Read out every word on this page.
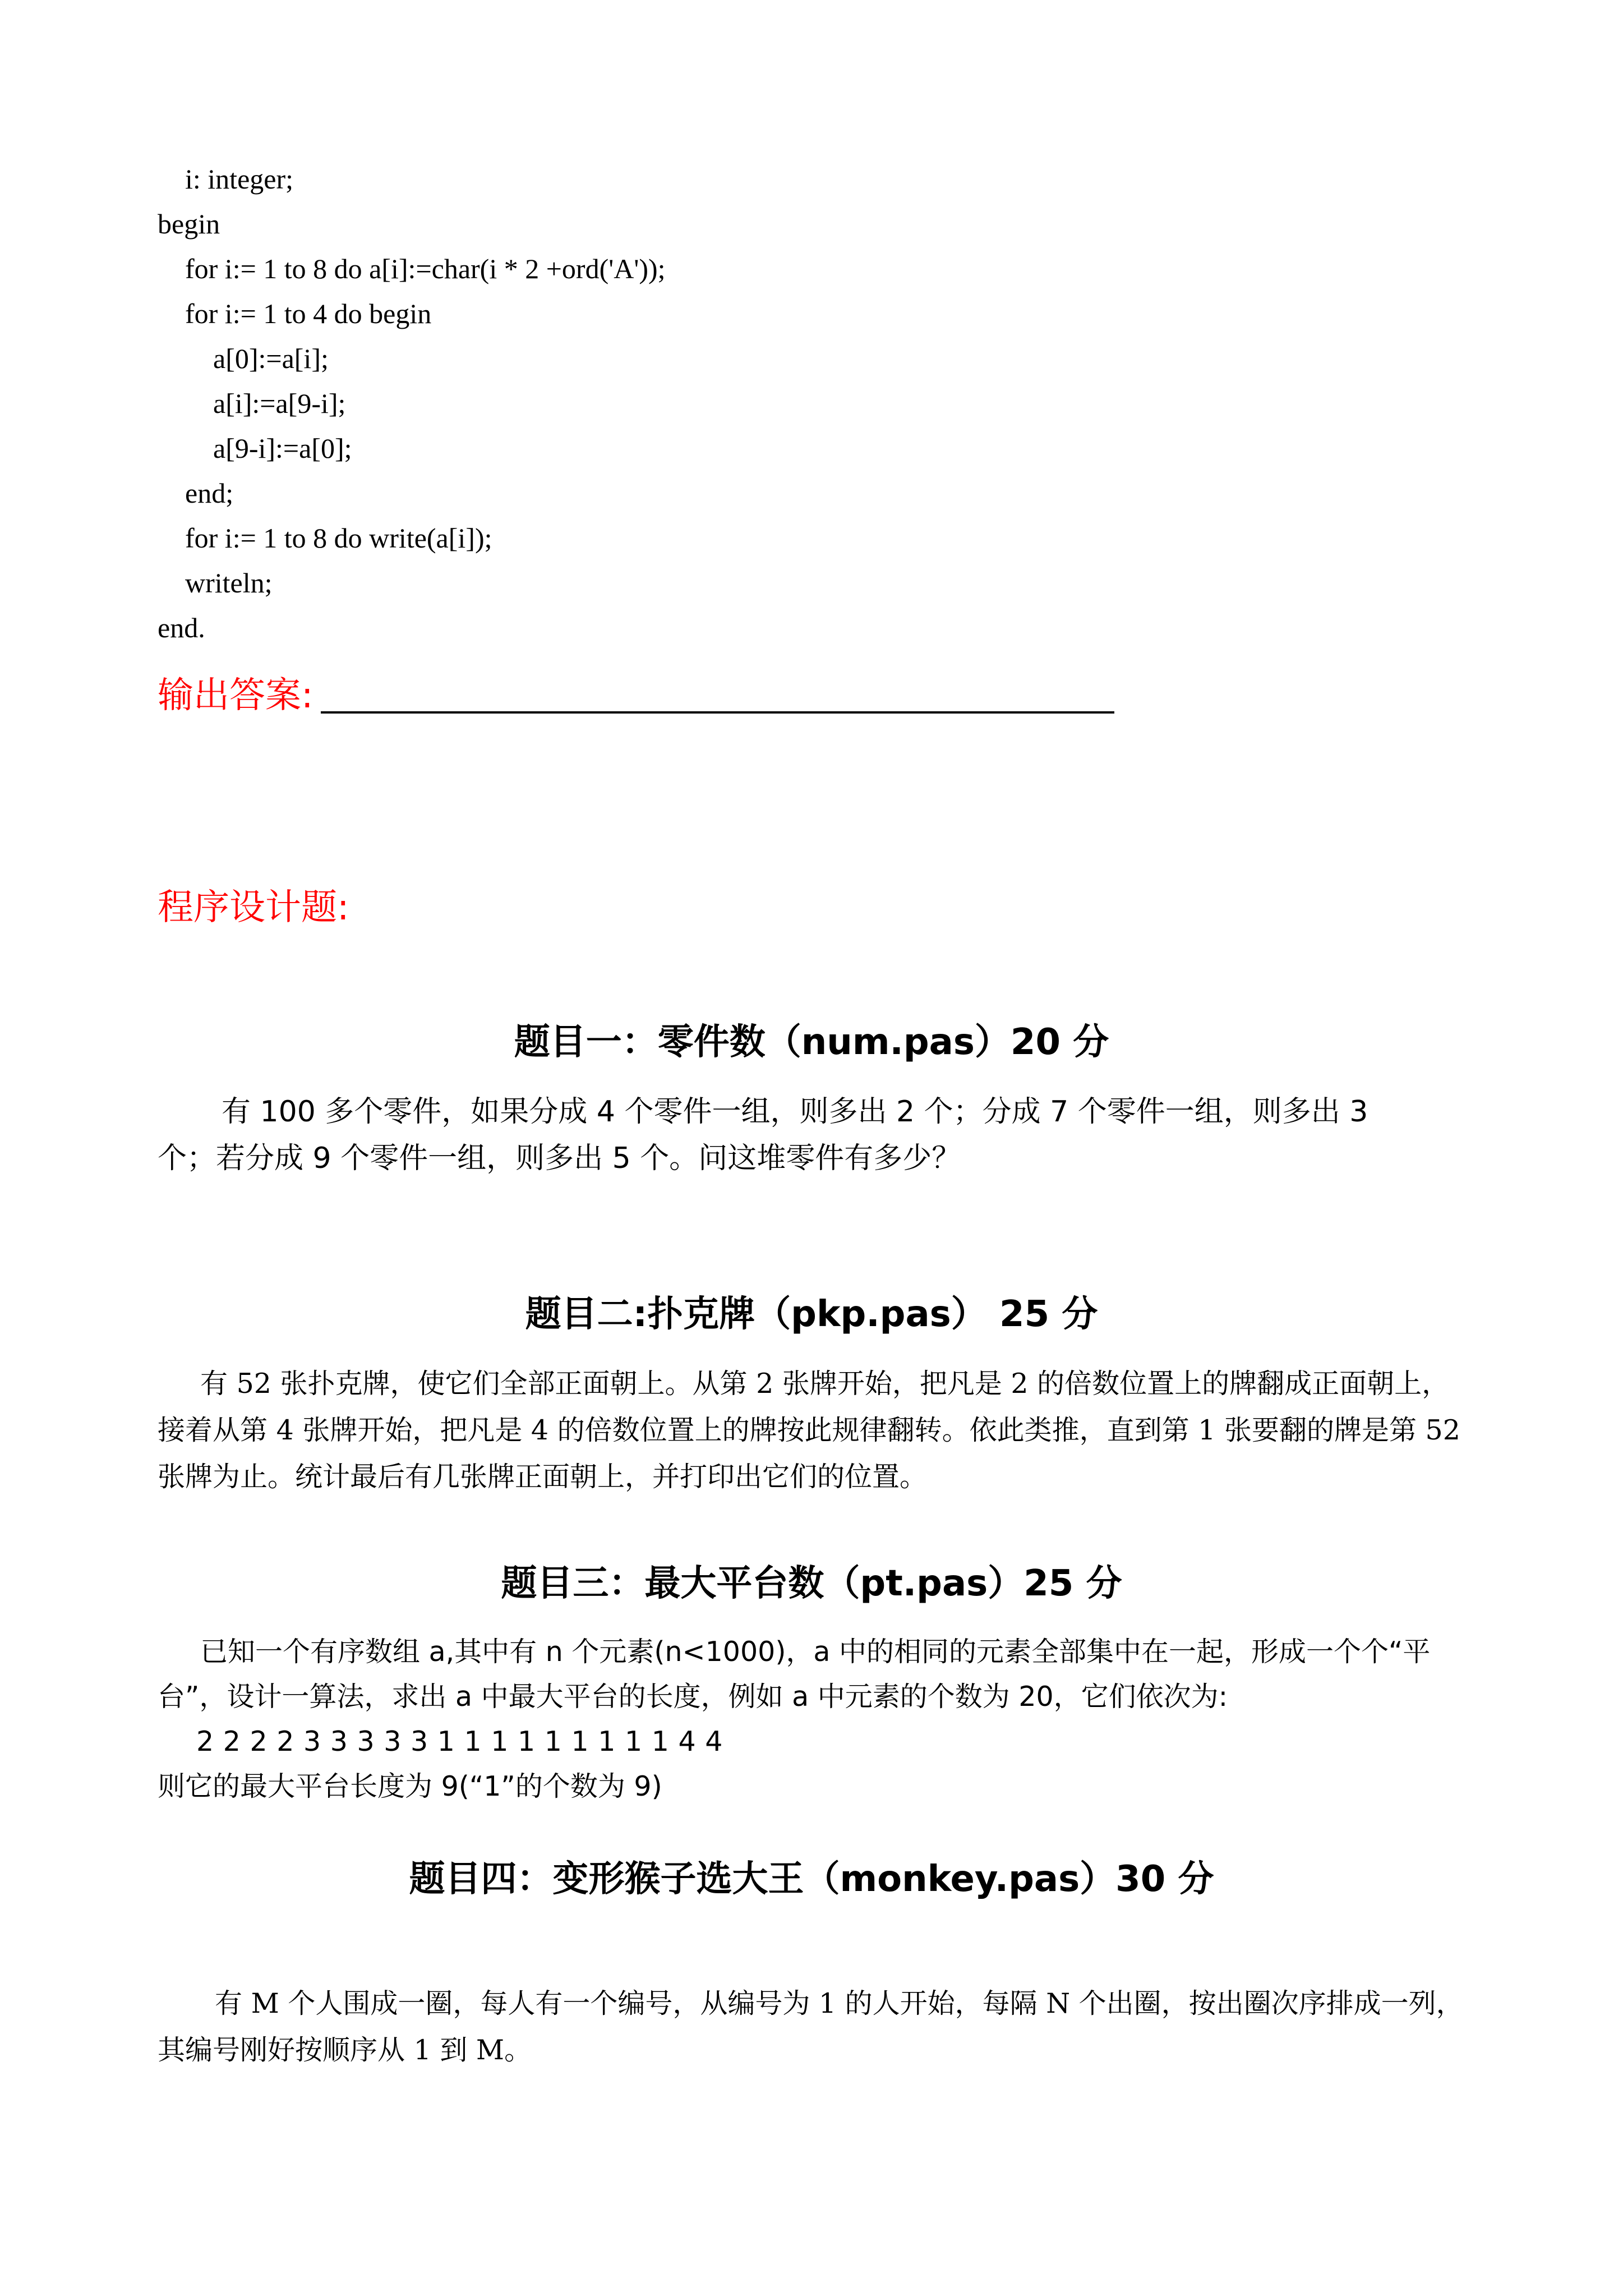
i: integer;
begin
for i:= 1 to 8 do a[i]:=char(i * 2 +ord('A'));
for i:= 1 to 4 do begin
a[0]:=a[i];
a[i]:=a[9-i];
a[9-i]:=a[0];
end;
for i:= 1 to 8 do write(a[i]);
writeln;
end.
输出答案:
程序设计题:
题目一：零件数（num.pas）20 分
有 100 多个零件，如果分成 4 个零件一组，则多出 2 个；分成 7 个零件一组，则多出 3
个；若分成 9 个零件一组，则多出 5 个。问这堆零件有多少？
题目二:扑克牌（pkp.pas） 25 分
有 52 张扑克牌，使它们全部正面朝上。从第 2 张牌开始，把凡是 2 的倍数位置上的牌翻成正面朝上，
接着从第 4 张牌开始，把凡是 4 的倍数位置上的牌按此规律翻转。依此类推，直到第 1 张要翻的牌是第 52
张牌为止。统计最后有几张牌正面朝上，并打印出它们的位置。
题目三：最大平台数（pt.pas）25 分
已知一个有序数组 a,其中有 n 个元素(n<1000)，a 中的相同的元素全部集中在一起，形成一个个“平
台”，设计一算法，求出 a 中最大平台的长度，例如 a 中元素的个数为 20，它们依次为:
2 2 2 2 3 3 3 3 3 1 1 1 1 1 1 1 1 1 4 4
则它的最大平台长度为 9(“1”的个数为 9)
题目四：变形猴子选大王（monkey.pas）30 分
有 M 个人围成一圈，每人有一个编号，从编号为 1 的人开始，每隔 N 个出圈，按出圈次序排成一列，
其编号刚好按顺序从 1 到 M。
